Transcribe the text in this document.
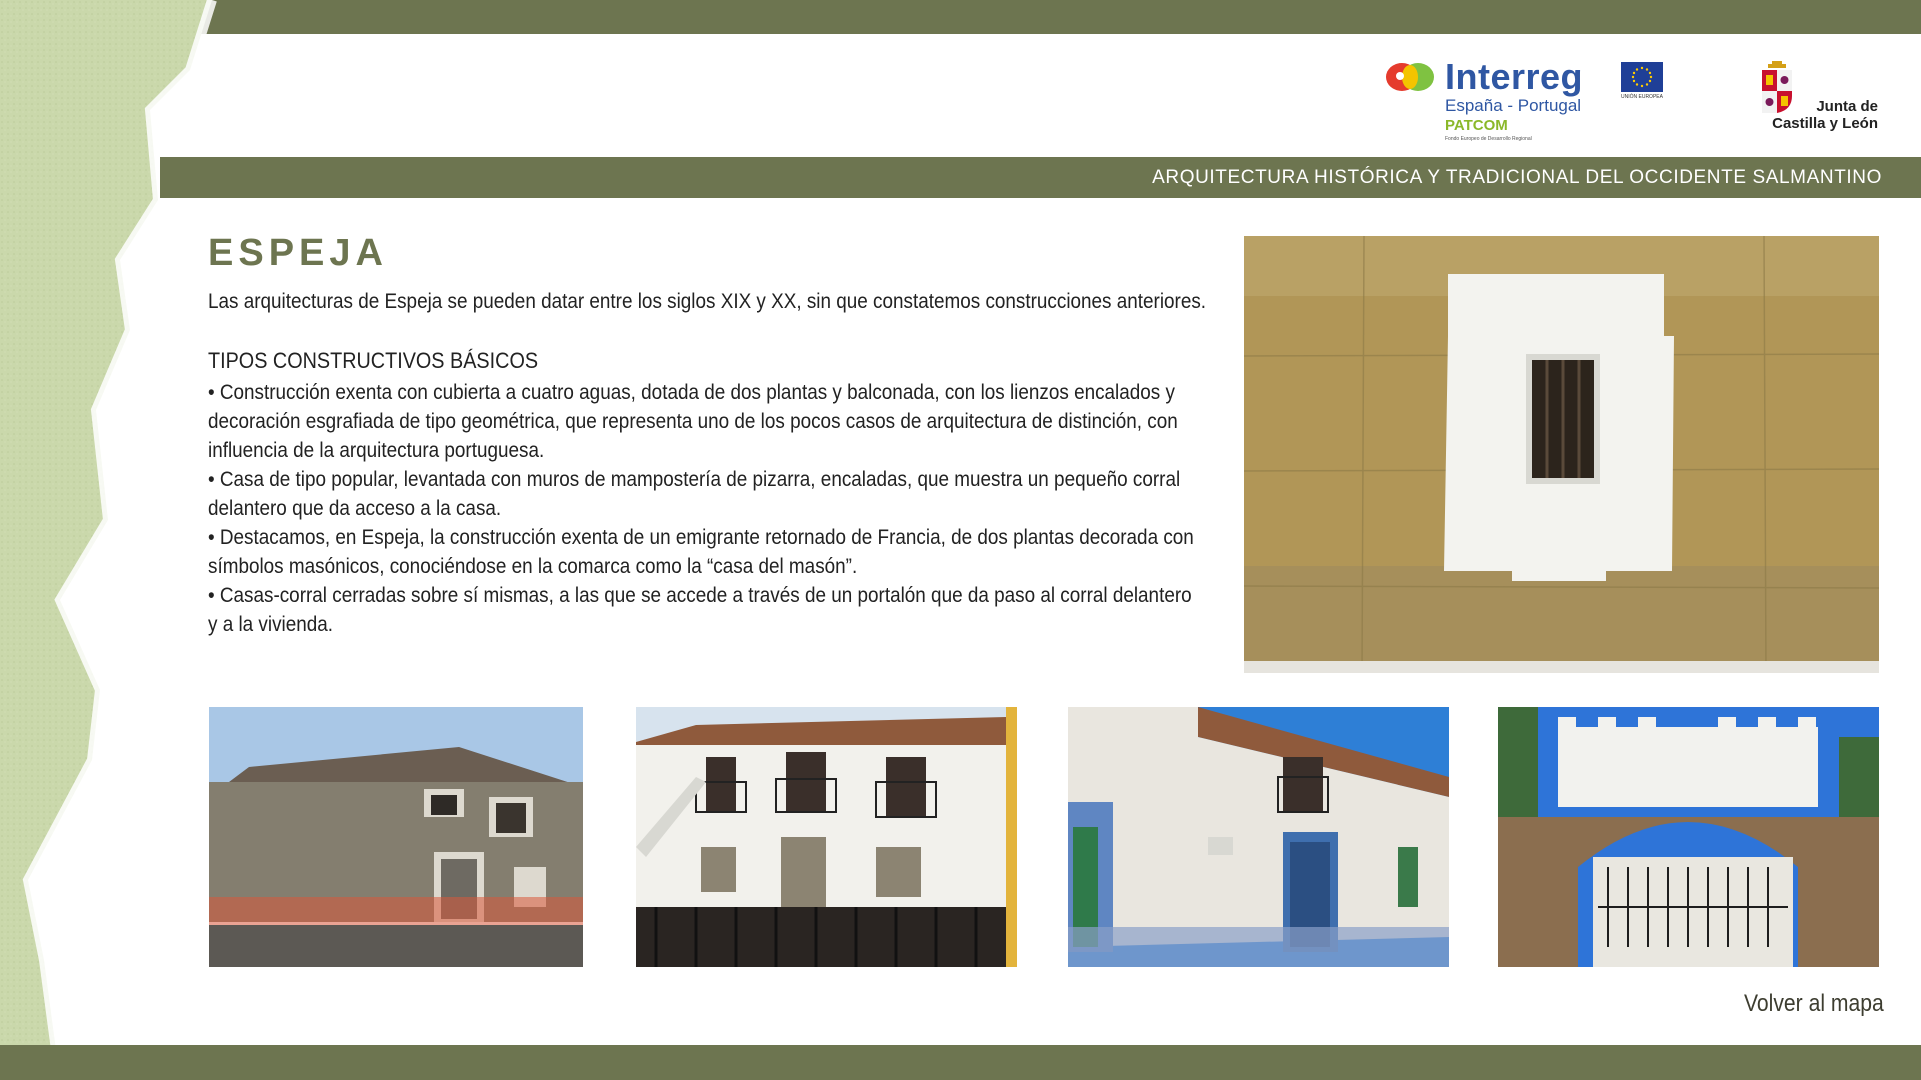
Interreg
España - Portugal
PATCOM
Fondo Europeo de Desarrollo Regional
UNIÓN EUROPEA
Junta de
Castilla y León
ARQUITECTURA HISTÓRICA Y TRADICIONAL DEL OCCIDENTE SALMANTINO
ESPEJA
Las arquitecturas de Espeja se pueden datar entre los siglos XIX y XX, sin que constatemos construcciones anteriores.
TIPOS CONSTRUCTIVOS BÁSICOS

• Construcción exenta con cubierta a cuatro aguas, dotada de dos plantas y balconada, con los lienzos encalados y decoración esgrafiada de tipo geométrica, que representa uno de los pocos casos de arquitectura de distinción, con influencia de la arquitectura portuguesa.

• Casa de tipo popular, levantada con muros de mampostería de pizarra, encaladas, que muestra un pequeño corral delantero que da acceso a la casa.

• Destacamos, en Espeja, la construcción exenta de un emigrante retornado de Francia, de dos plantas decorada con símbolos masónicos, conociéndose en la comarca como la “casa del masón”.

• Casas-corral cerradas sobre sí mismas, a las que se accede a través de un portalón que da paso al corral delantero y a la vivienda.

Volver al mapa
